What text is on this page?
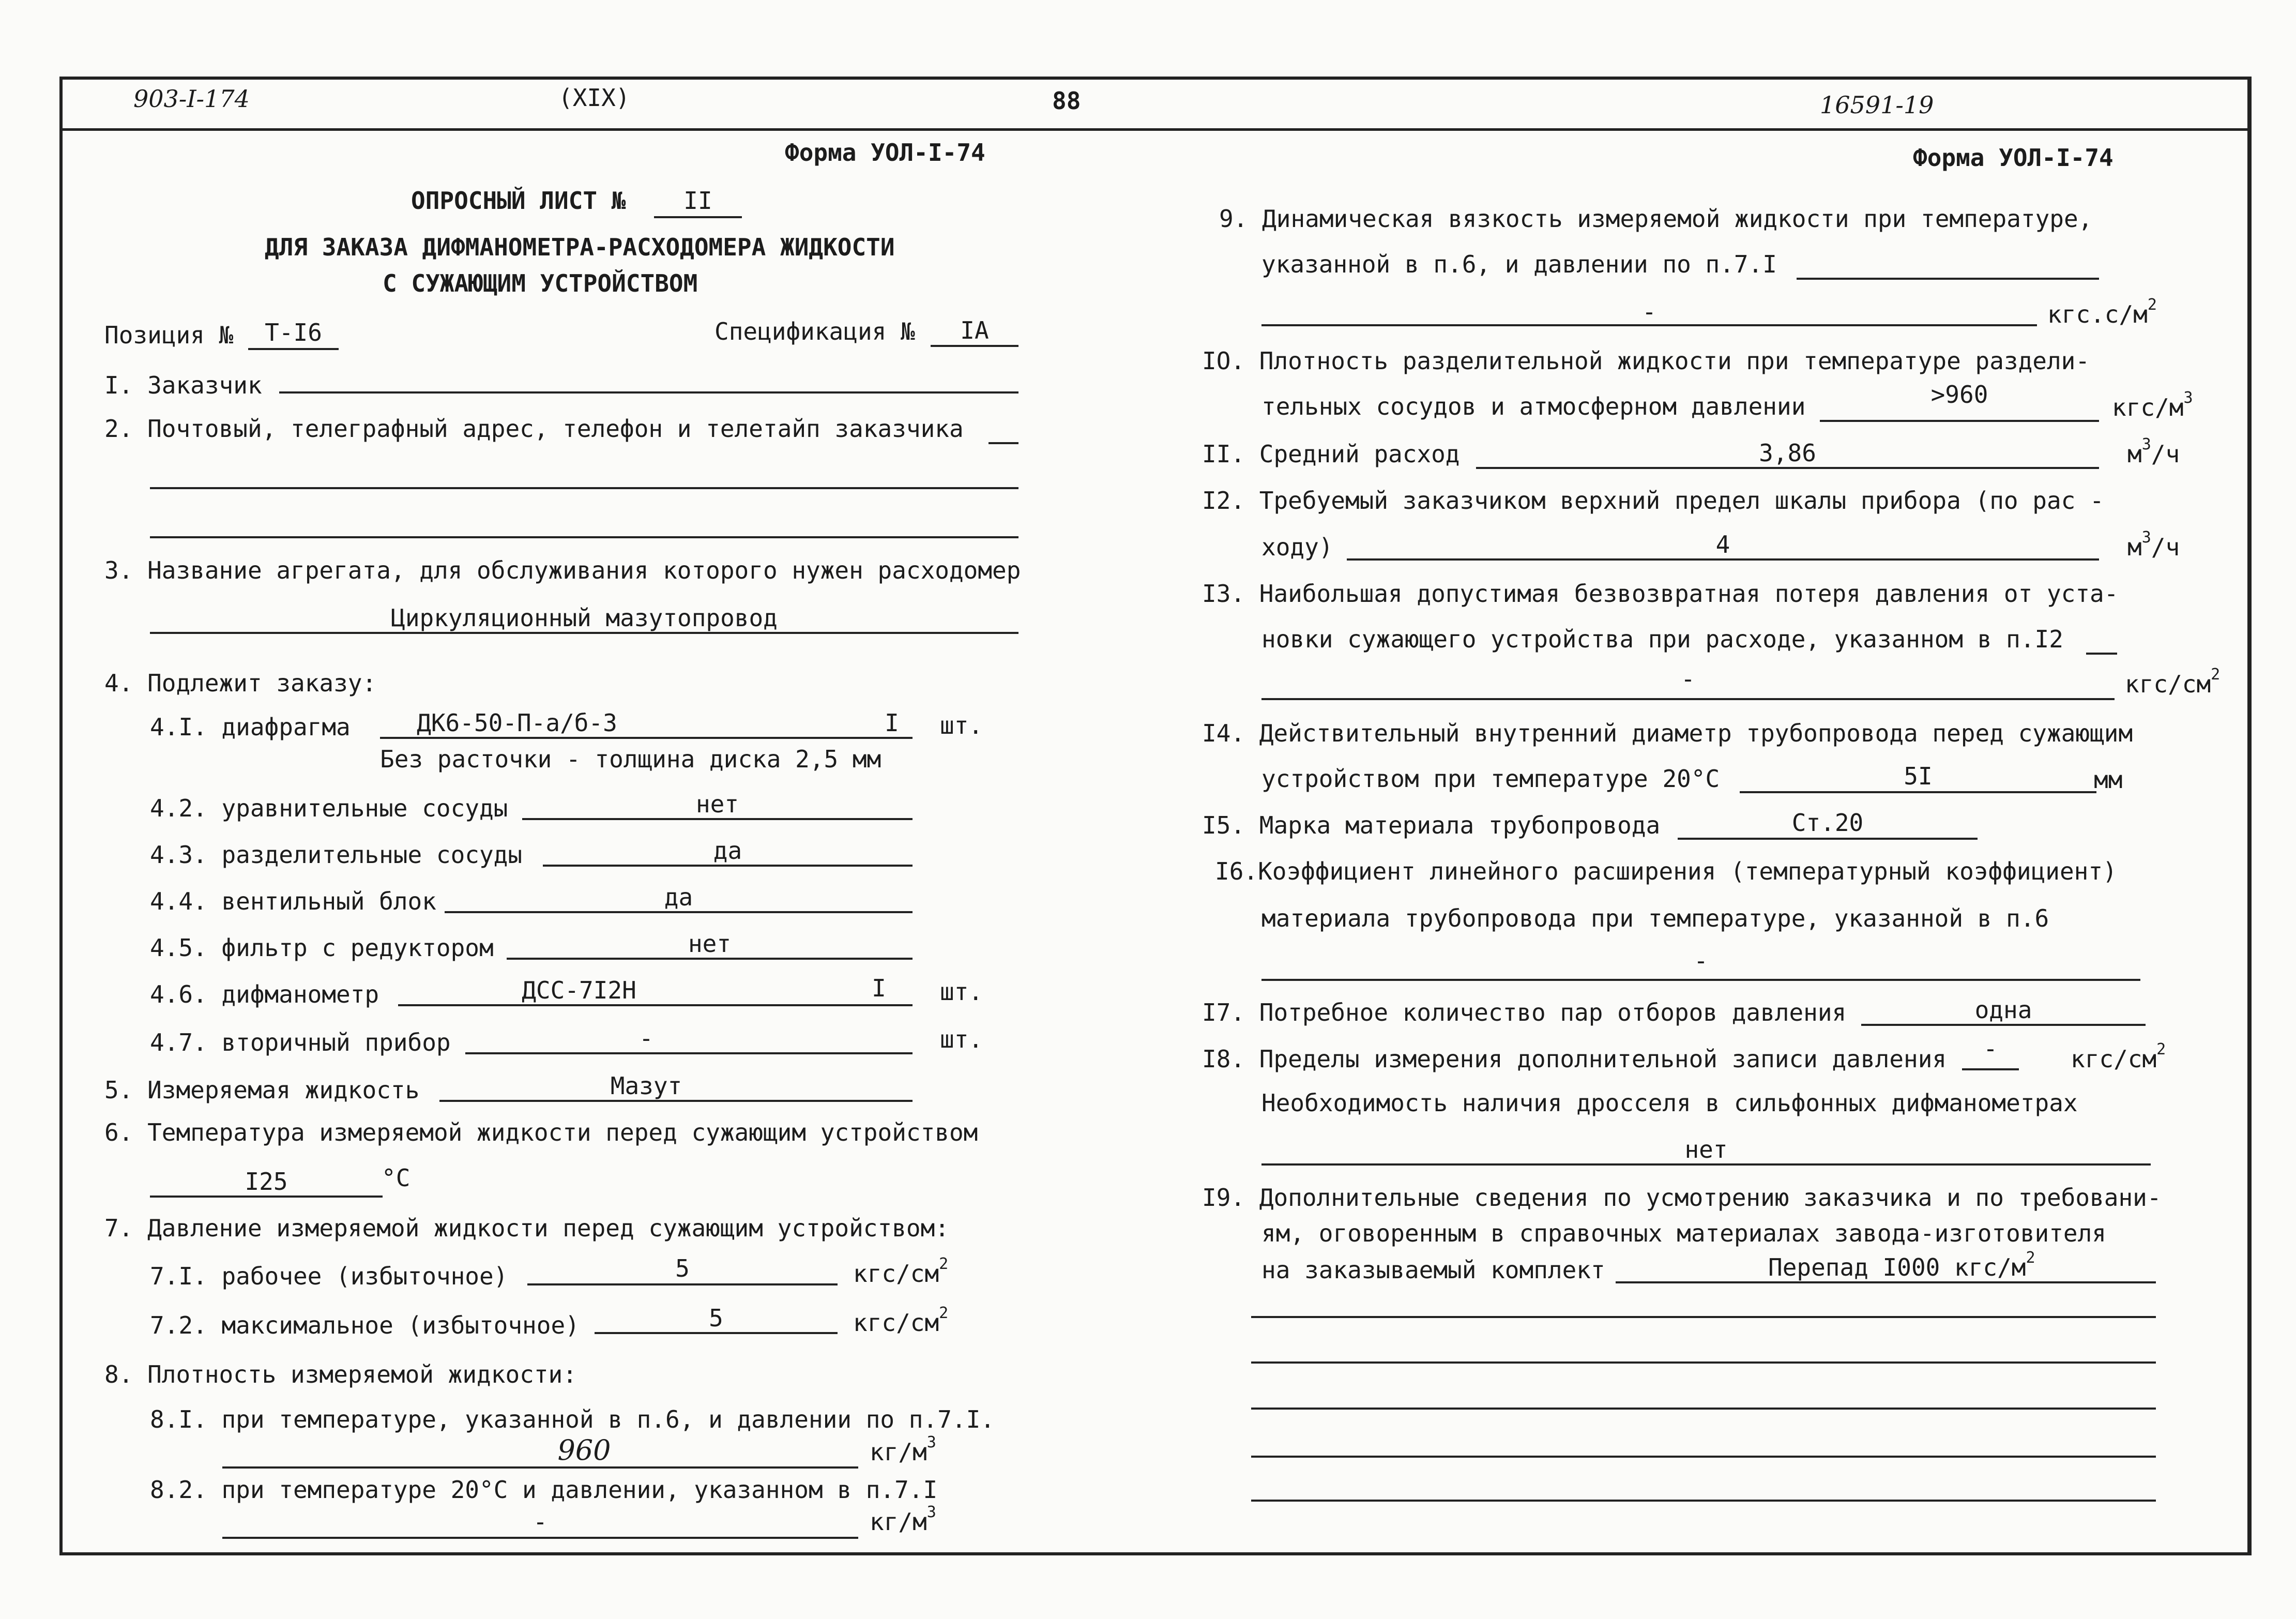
903-I-174	(XIX)	88	16591-19
Форма УОЛ-I-74
ОПРОСНЫЙ ЛИСТ №	II
ДЛЯ ЗАКАЗА ДИФМАНОМЕТРА-РАСХОДОМЕРА ЖИДКОСТИ
С СУЖАЮЩИМ УСТРОЙСТВОМ
Позиция №	Т-I6	Спецификация №	IA
I. Заказчик
2. Почтовый, телеграфный адрес, телефон и телетайп заказчика
3. Название агрегата, для обслуживания которого нужен расходомер
Циркуляционный мазутопровод
4. Подлежит заказу:
4.I. диафрагма	ДК6-50-П-а/б-3	I	шт.
Без расточки - толщина диска 2,5 мм
4.2. уравнительные сосуды	нет
4.3. разделительные сосуды	да
4.4. вентильный блок	да
4.5. фильтр с редуктором	нет
4.6. дифманометр	ДСС-7I2Н	I	шт.
4.7. вторичный прибор	-	шт.
5. Измеряемая жидкость	Мазут
6. Температура измеряемой жидкости перед сужающим устройством
I25	°С
7. Давление измеряемой жидкости перед сужающим устройством:
7.I. рабочее (избыточное)	5	кгс/$см^2$
7.2. максимальное (избыточное)	5	кгс/$см^2$
8. Плотность измеряемой жидкости:
8.I. при температуре, указанной в п.6, и давлении по п.7.I.
960	$кг/м^3$
8.2. при температуре 20°С и давлении, указанном в п.7.I
-	$кг/м^3$
Форма УОЛ-I-74
9. Динамическая вязкость измеряемой жидкости при температуре,
указанной в п.6, и давлении по п.7.I
-	$кгс.с/м^2$
IO. Плотность разделительной жидкости при температуре раздели-
тельных сосудов и атмосферном давлении	>960	кгс/$м^3$
II. Средний расход	3,86	$м^3/ч$
I2. Требуемый заказчиком верхний предел шкалы прибора (по рас -
ходу)	4	$м^3/ч$
I3. Наибольшая допустимая безвозвратная потеря давления от уста-
новки сужающего устройства при расходе, указанном в п.I2
-	кгс/$см^2$
I4. Действительный внутренний диаметр трубопровода перед сужающим
устройством при температуре 20°С	5I	мм
I5. Марка материала трубопровода	Ст.20
I6.Коэффициент линейного расширения (температурный коэффициент)
материала трубопровода при температуре, указанной в п.6
-
I7. Потребное количество пар отборов давления	одна
I8. Пределы измерения дополнительной записи давления	-	кгс/$см^2$
Необходимость наличия дросселя в сильфонных дифманометрах
нет
I9. Дополнительные сведения по усмотрению заказчика и по требовани-
ям, оговоренным в справочных материалах завода-изготовителя
на заказываемый комплект	Перепад I000 кгс/$м^2$
